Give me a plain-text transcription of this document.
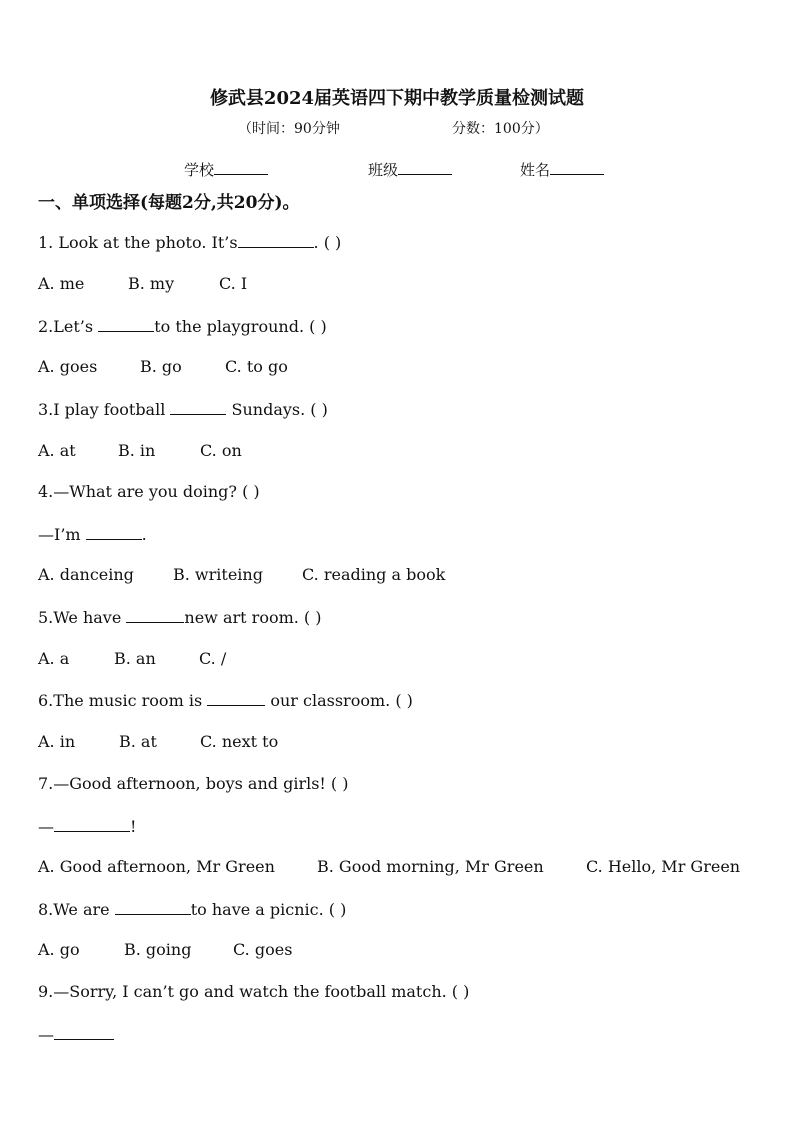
修武县2024届英语四下期中教学质量检测试题
（时间：90分钟	分数：100分）
学校	班级	姓名
一、单项选择(每题2分,共20分)。
1. Look at the photo. It’s	. ( )
A. me	B. my	C. I
2.Let’s	to the playground. ( )
A. goes	B. go	C. to go
3.I play football	Sundays. ( )
A. at	B. in	C. on
4.—What are you doing? ( )
—I’m	.
A. danceing B. writeing C. reading a book
5.We have	new art room. ( )
A. a	B. an	C. /
6.The music room is	our classroom. ( )
A. in	B. at	C. next to
7.—Good afternoon, boys and girls! ( )
—	!
A. Good afternoon, Mr Green	B. Good morning, Mr Green	C. Hello, Mr Green
8.We are	to have a picnic. ( )
A. go	B. going	C. goes
9.—Sorry, I can’t go and watch the football match. ( )
—
